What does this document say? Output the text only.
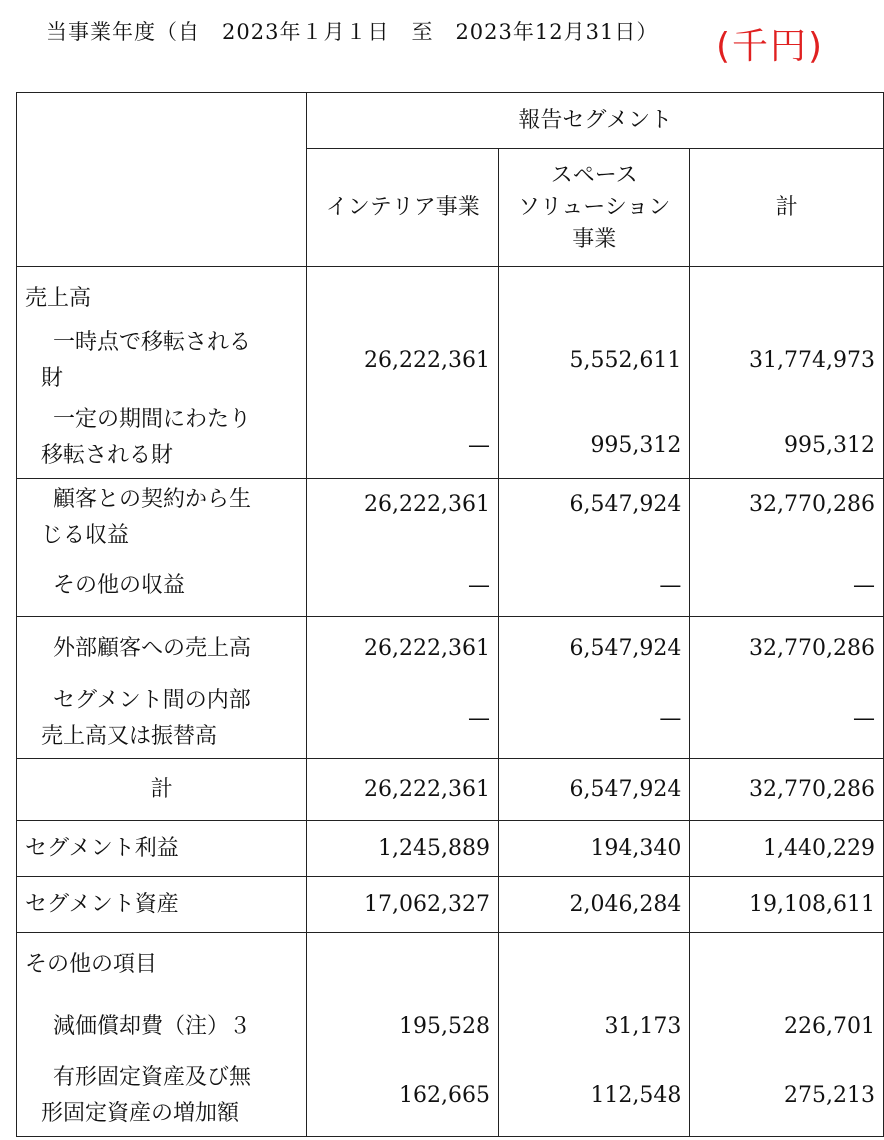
当事業年度（自　2023年１月１日　至　2023年12月31日） (千円)
	報告セグメント		
	インテリア事業	スペース
ソリューション
事業	計
売上高			

一時点で移転される
財	26,222,361	5,552,611	31,774,973

一定の期間にわたり
移転される財	—	995,312	995,312

顧客との契約から生
じる収益	26,222,361	6,547,924	32,770,286
その他の収益	—	—	—
外部顧客への売上高	26,222,361	6,547,924	32,770,286

セグメント間の内部
売上高又は振替高	—	—	—
計	26,222,361	6,547,924	32,770,286
セグメント利益	1,245,889	194,340	1,440,229
セグメント資産	17,062,327	2,046,284	19,108,611
その他の項目			
減価償却費（注）３	195,528	31,173	226,701

有形固定資産及び無
形固定資産の増加額	162,665	112,548	275,213
